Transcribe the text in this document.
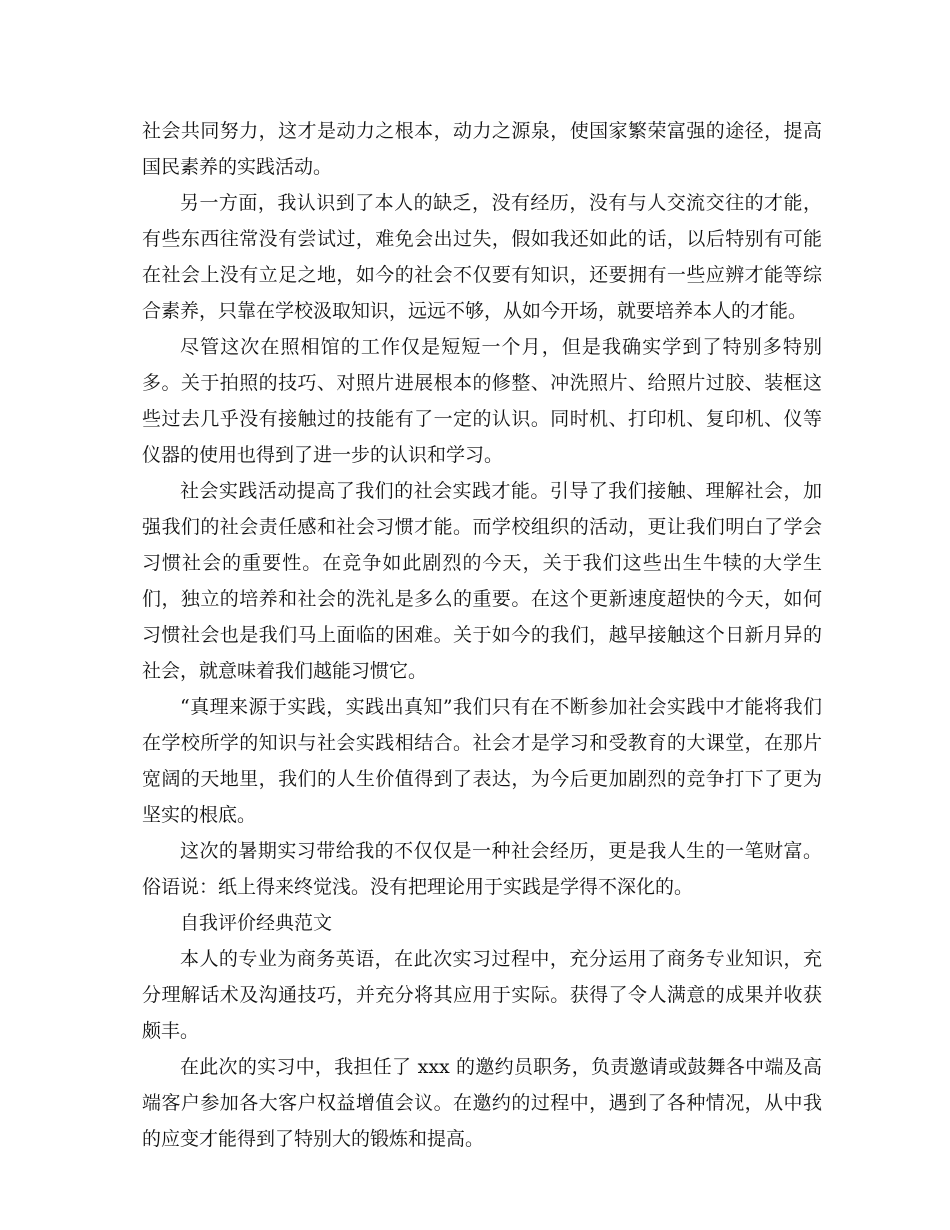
社会共同努力，这才是动力之根本，动力之源泉，使国家繁荣富强的途径，提高国民素养的实践活动。

另一方面，我认识到了本人的缺乏，没有经历，没有与人交流交往的才能，有些东西往常没有尝试过，难免会出过失，假如我还如此的话，以后特别有可能在社会上没有立足之地，如今的社会不仅要有知识，还要拥有一些应辨才能等综合素养，只靠在学校汲取知识，远远不够，从如今开场，就要培养本人的才能。

尽管这次在照相馆的工作仅是短短一个月，但是我确实学到了特别多特别多。关于拍照的技巧、对照片进展根本的修整、冲洗照片、给照片过胶、装框这些过去几乎没有接触过的技能有了一定的认识。同时机、打印机、复印机、仪等仪器的使用也得到了进一步的认识和学习。

社会实践活动提高了我们的社会实践才能。引导了我们接触、理解社会，加强我们的社会责任感和社会习惯才能。而学校组织的活动，更让我们明白了学会习惯社会的重要性。在竞争如此剧烈的今天，关于我们这些出生牛犊的大学生们，独立的培养和社会的洗礼是多么的重要。在这个更新速度超快的今天，如何习惯社会也是我们马上面临的困难。关于如今的我们，越早接触这个日新月异的社会，就意味着我们越能习惯它。

“真理来源于实践，实践出真知”我们只有在不断参加社会实践中才能将我们在学校所学的知识与社会实践相结合。社会才是学习和受教育的大课堂，在那片宽阔的天地里，我们的人生价值得到了表达，为今后更加剧烈的竞争打下了更为坚实的根底。

这次的暑期实习带给我的不仅仅是一种社会经历，更是我人生的一笔财富。俗语说：纸上得来终觉浅。没有把理论用于实践是学得不深化的。

自我评价经典范文

本人的专业为商务英语，在此次实习过程中，充分运用了商务专业知识，充分理解话术及沟通技巧，并充分将其应用于实际。获得了令人满意的成果并收获颇丰。

在此次的实习中，我担任了 xxx 的邀约员职务，负责邀请或鼓舞各中端及高端客户参加各大客户权益增值会议。在邀约的过程中，遇到了各种情况，从中我的应变才能得到了特别大的锻炼和提高。
